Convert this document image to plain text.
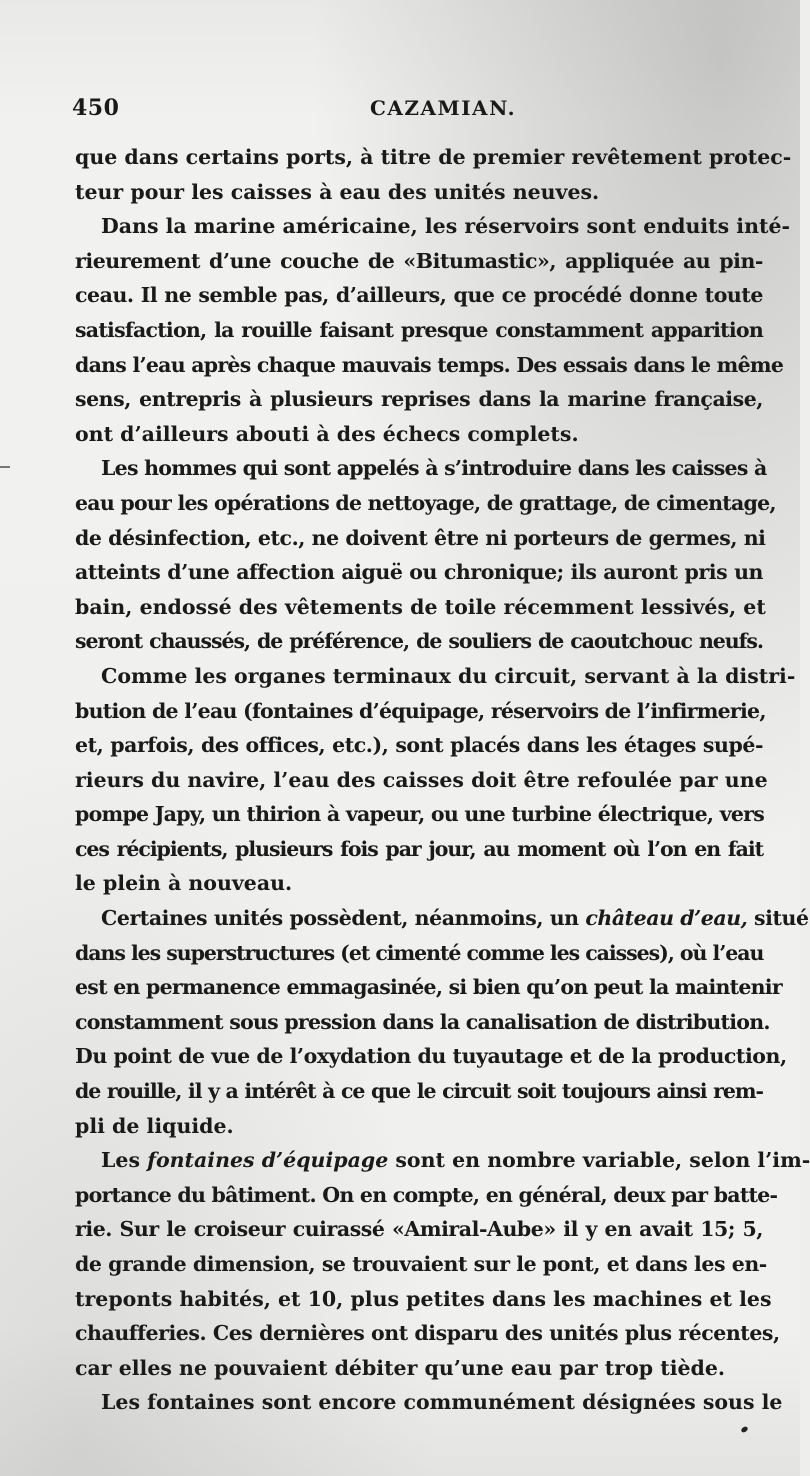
450	CAZAMIAN.
que dans certains ports, à titre de premier revêtement protec-
teur pour les caisses à eau des unités neuves.
Dans la marine américaine, les réservoirs sont enduits inté-
rieurement d’une couche de «Bitumastic», appliquée au pin-
ceau. Il ne semble pas, d’ailleurs, que ce procédé donne toute
satisfaction, la rouille faisant presque constamment apparition
dans l’eau après chaque mauvais temps. Des essais dans le même
sens, entrepris à plusieurs reprises dans la marine française,
ont d’ailleurs abouti à des échecs complets.
Les hommes qui sont appelés à s’introduire dans les caisses à
eau pour les opérations de nettoyage, de grattage, de cimentage,
de désinfection, etc., ne doivent être ni porteurs de germes, ni
atteints d’une affection aiguë ou chronique; ils auront pris un
bain, endossé des vêtements de toile récemment lessivés, et
seront chaussés, de préférence, de souliers de caoutchouc neufs.
Comme les organes terminaux du circuit, servant à la distri-
bution de l’eau (fontaines d’équipage, réservoirs de l’infirmerie,
et, parfois, des offices, etc.), sont placés dans les étages supé-
rieurs du navire, l’eau des caisses doit être refoulée par une
pompe Japy, un thirion à vapeur, ou une turbine électrique, vers
ces récipients, plusieurs fois par jour, au moment où l’on en fait
le plein à nouveau.
Certaines unités possèdent, néanmoins, un château d’eau, situé
dans les superstructures (et cimenté comme les caisses), où l’eau
est en permanence emmagasinée, si bien qu’on peut la maintenir
constamment sous pression dans la canalisation de distribution.
Du point de vue de l’oxydation du tuyautage et de la production,
de rouille, il y a intérêt à ce que le circuit soit toujours ainsi rem-
pli de liquide.
Les fontaines d’équipage sont en nombre variable, selon l’im-
portance du bâtiment. On en compte, en général, deux par batte-
rie. Sur le croiseur cuirassé «Amiral-Aube» il y en avait 15; 5,
de grande dimension, se trouvaient sur le pont, et dans les en-
treponts habités, et 10, plus petites dans les machines et les
chaufferies. Ces dernières ont disparu des unités plus récentes,
car elles ne pouvaient débiter qu’une eau par trop tiède.
Les fontaines sont encore communément désignées sous le
